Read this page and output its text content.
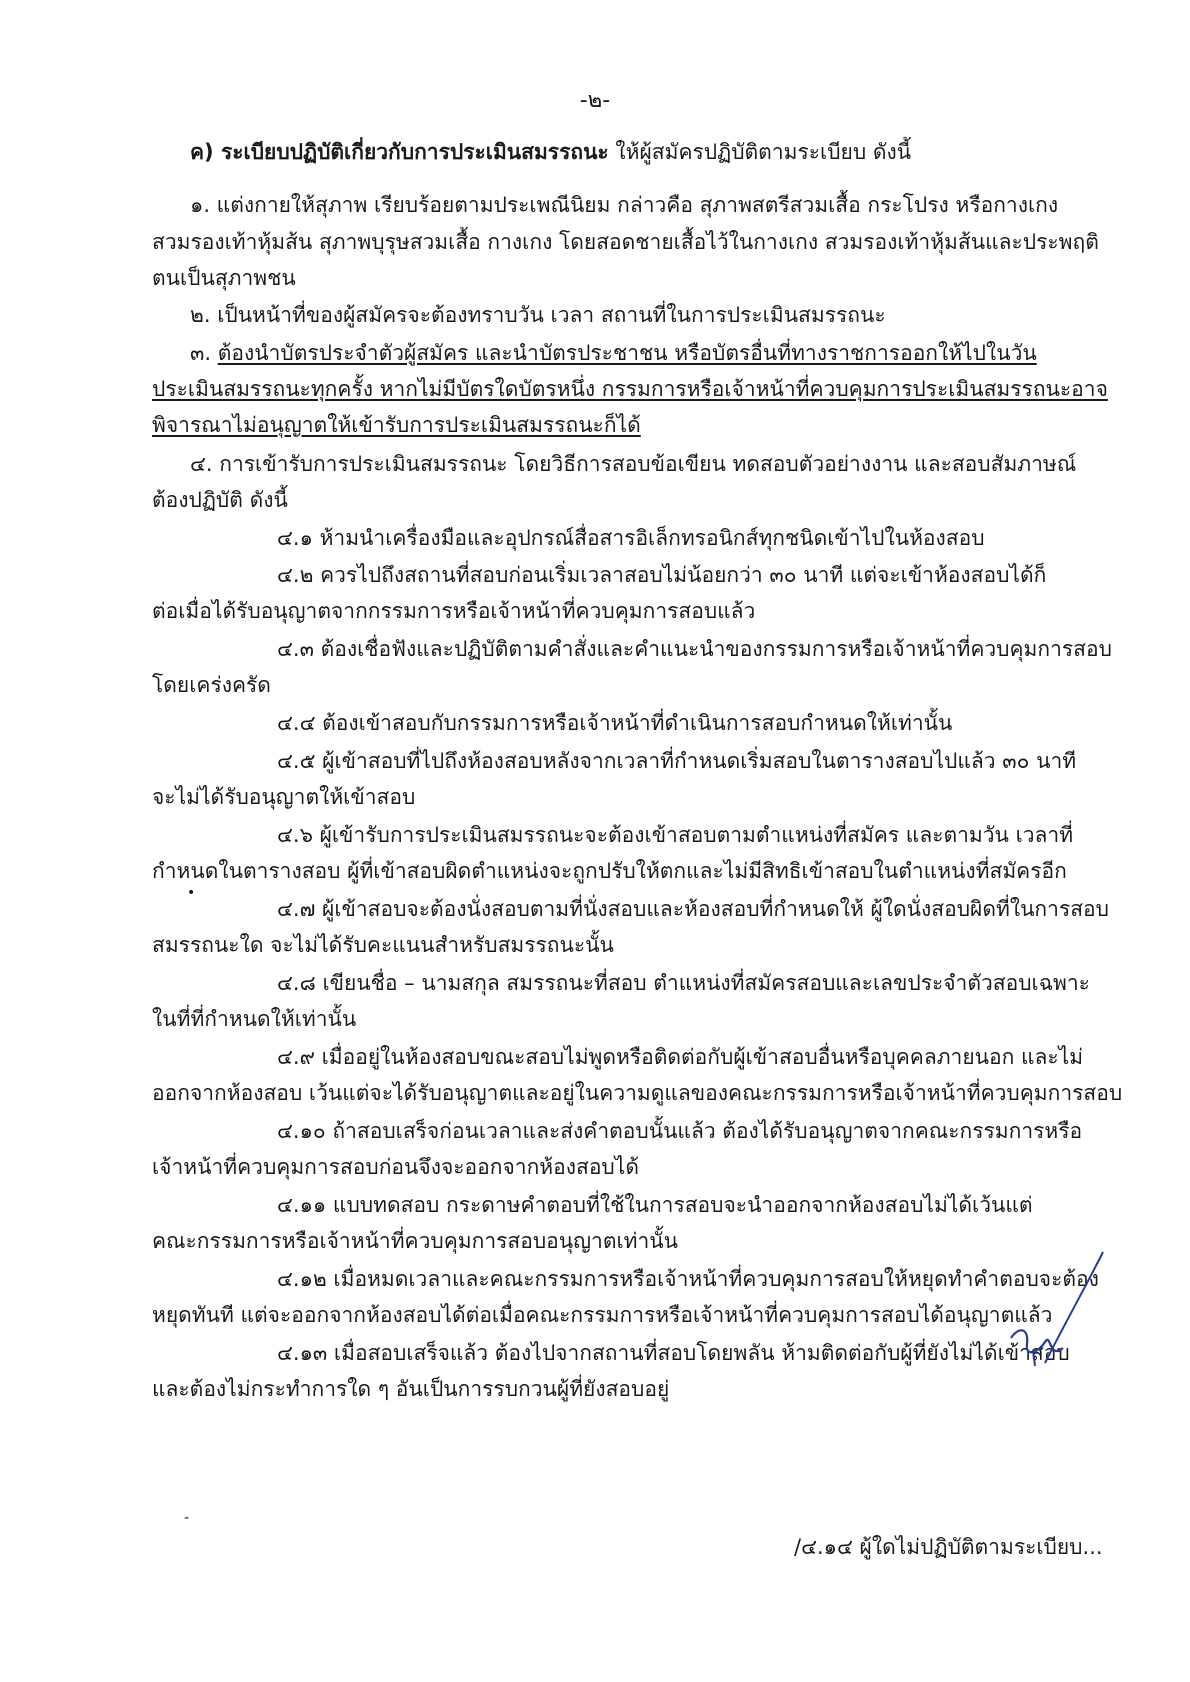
-๒-
ค) ระเบียบปฏิบัติเกี่ยวกับการประเมินสมรรถนะ ให้ผู้สมัครปฏิบัติตามระเบียบ ดังนี้
๑. แต่งกายให้สุภาพ เรียบร้อยตามประเพณีนิยม กล่าวคือ สุภาพสตรีสวมเสื้อ กระโปรง หรือกางเกง
สวมรองเท้าหุ้มส้น สุภาพบุรุษสวมเสื้อ กางเกง โดยสอดชายเสื้อไว้ในกางเกง สวมรองเท้าหุ้มส้นและประพฤติ
ตนเป็นสุภาพชน
๒. เป็นหน้าที่ของผู้สมัครจะต้องทราบวัน เวลา สถานที่ในการประเมินสมรรถนะ
๓. ต้องนำบัตรประจำตัวผู้สมัคร และนำบัตรประชาชน หรือบัตรอื่นที่ทางราชการออกให้ไปในวัน
ประเมินสมรรถนะทุกครั้ง หากไม่มีบัตรใดบัตรหนึ่ง กรรมการหรือเจ้าหน้าที่ควบคุมการประเมินสมรรถนะอาจ
พิจารณาไม่อนุญาตให้เข้ารับการประเมินสมรรถนะก็ได้
๔. การเข้ารับการประเมินสมรรถนะ โดยวิธีการสอบข้อเขียน ทดสอบตัวอย่างงาน และสอบสัมภาษณ์
ต้องปฏิบัติ ดังนี้
๔.๑ ห้ามนำเครื่องมือและอุปกรณ์สื่อสารอิเล็กทรอนิกส์ทุกชนิดเข้าไปในห้องสอบ
๔.๒ ควรไปถึงสถานที่สอบก่อนเริ่มเวลาสอบไม่น้อยกว่า ๓๐ นาที แต่จะเข้าห้องสอบได้ก็
ต่อเมื่อได้รับอนุญาตจากกรรมการหรือเจ้าหน้าที่ควบคุมการสอบแล้ว
๔.๓ ต้องเชื่อฟังและปฏิบัติตามคำสั่งและคำแนะนำของกรรมการหรือเจ้าหน้าที่ควบคุมการสอบ
โดยเคร่งครัด
๔.๔ ต้องเข้าสอบกับกรรมการหรือเจ้าหน้าที่ดำเนินการสอบกำหนดให้เท่านั้น
๔.๕ ผู้เข้าสอบที่ไปถึงห้องสอบหลังจากเวลาที่กำหนดเริ่มสอบในตารางสอบไปแล้ว ๓๐ นาที
จะไม่ได้รับอนุญาตให้เข้าสอบ
๔.๖ ผู้เข้ารับการประเมินสมรรถนะจะต้องเข้าสอบตามตำแหน่งที่สมัคร และตามวัน เวลาที่
กำหนดในตารางสอบ ผู้ที่เข้าสอบผิดตำแหน่งจะถูกปรับให้ตกและไม่มีสิทธิเข้าสอบในตำแหน่งที่สมัครอีก
•
๔.๗ ผู้เข้าสอบจะต้องนั่งสอบตามที่นั่งสอบและห้องสอบที่กำหนดให้ ผู้ใดนั่งสอบผิดที่ในการสอบ
สมรรถนะใด จะไม่ได้รับคะแนนสำหรับสมรรถนะนั้น
๔.๘ เขียนชื่อ – นามสกุล สมรรถนะที่สอบ ตำแหน่งที่สมัครสอบและเลขประจำตัวสอบเฉพาะ
ในที่ที่กำหนดให้เท่านั้น
๔.๙ เมื่ออยู่ในห้องสอบขณะสอบไม่พูดหรือติดต่อกับผู้เข้าสอบอื่นหรือบุคคลภายนอก และไม่
ออกจากห้องสอบ เว้นแต่จะได้รับอนุญาตและอยู่ในความดูแลของคณะกรรมการหรือเจ้าหน้าที่ควบคุมการสอบ
๔.๑๐ ถ้าสอบเสร็จก่อนเวลาและส่งคำตอบนั้นแล้ว ต้องได้รับอนุญาตจากคณะกรรมการหรือ
เจ้าหน้าที่ควบคุมการสอบก่อนจึงจะออกจากห้องสอบได้
๔.๑๑ แบบทดสอบ กระดาษคำตอบที่ใช้ในการสอบจะนำออกจากห้องสอบไม่ได้เว้นแต่
คณะกรรมการหรือเจ้าหน้าที่ควบคุมการสอบอนุญาตเท่านั้น
๔.๑๒ เมื่อหมดเวลาและคณะกรรมการหรือเจ้าหน้าที่ควบคุมการสอบให้หยุดทำคำตอบจะต้อง
หยุดทันที แต่จะออกจากห้องสอบได้ต่อเมื่อคณะกรรมการหรือเจ้าหน้าที่ควบคุมการสอบได้อนุญาตแล้ว
๔.๑๓ เมื่อสอบเสร็จแล้ว ต้องไปจากสถานที่สอบโดยพลัน ห้ามติดต่อกับผู้ที่ยังไม่ได้เข้าสอบ
และต้องไม่กระทำการใด ๆ อันเป็นการรบกวนผู้ที่ยังสอบอยู่
-
/๔.๑๔ ผู้ใดไม่ปฏิบัติตามระเบียบ...
